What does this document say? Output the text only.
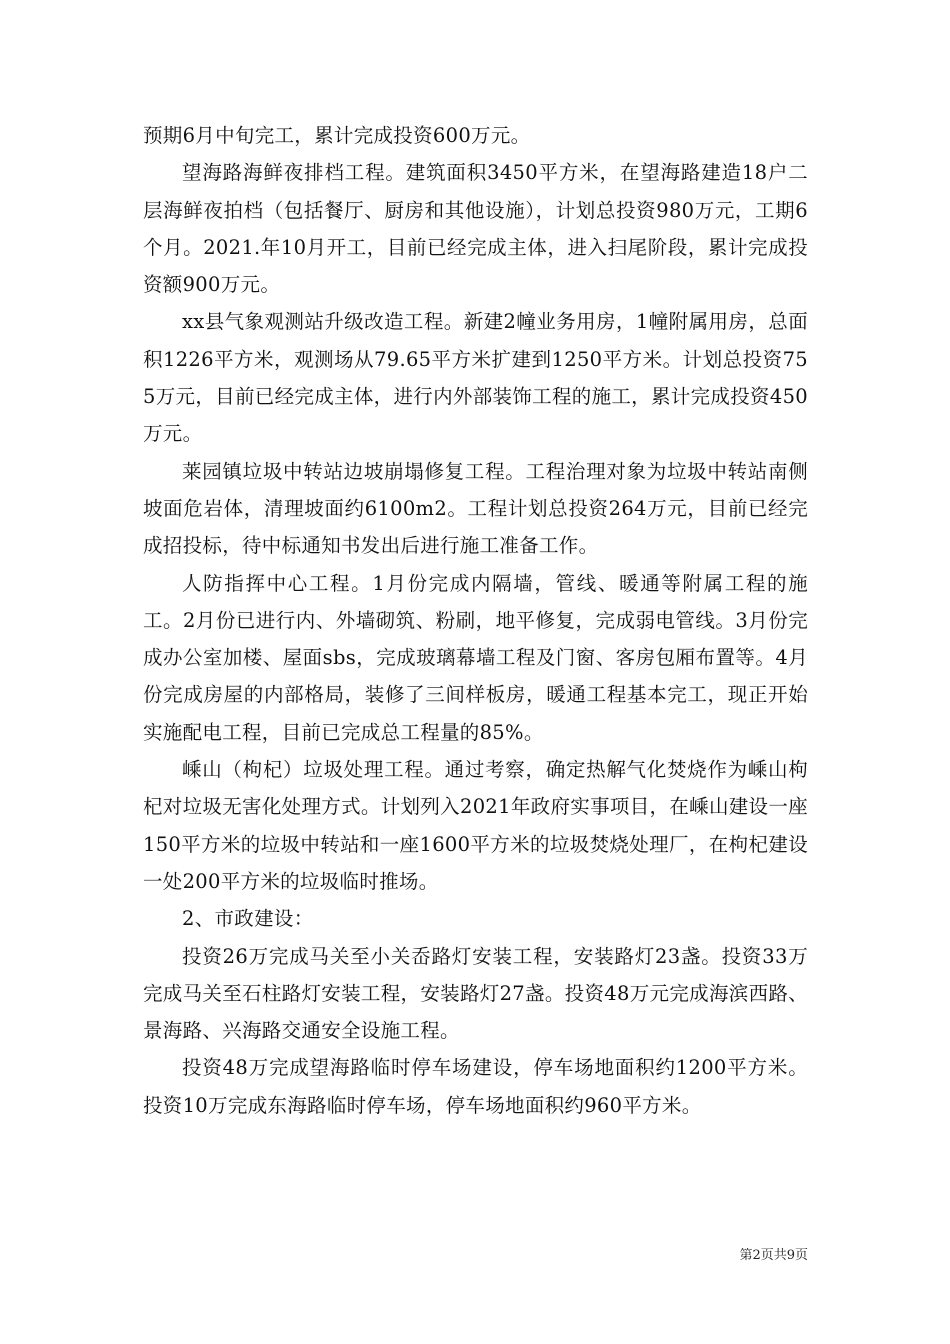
预期6月中旬完工，累计完成投资600万元。

望海路海鲜夜排档工程。建筑面积3450平方米，在望海路建造18户二层海鲜夜拍档（包括餐厅、厨房和其他设施），计划总投资980万元，工期6个月。2021.年10月开工，目前已经完成主体，进入扫尾阶段，累计完成投资额900万元。

xx县气象观测站升级改造工程。新建2幢业务用房，1幢附属用房，总面积1226平方米，观测场从79.65平方米扩建到1250平方米。计划总投资755万元，目前已经完成主体，进行内外部装饰工程的施工，累计完成投资450万元。

莱园镇垃圾中转站边坡崩塌修复工程。工程治理对象为垃圾中转站南侧坡面危岩体，清理坡面约6100m2。工程计划总投资264万元，目前已经完成招投标，待中标通知书发出后进行施工准备工作。

人防指挥中心工程。1月份完成内隔墙，管线、暖通等附属工程的施工。2月份已进行内、外墙砌筑、粉刷，地平修复，完成弱电管线。3月份完成办公室加楼、屋面sbs，完成玻璃幕墙工程及门窗、客房包厢布置等。4月份完成房屋的内部格局，装修了三间样板房，暖通工程基本完工，现正开始实施配电工程，目前已完成总工程量的85%。

嵊山（枸杞）垃圾处理工程。通过考察，确定热解气化焚烧作为嵊山枸杞对垃圾无害化处理方式。计划列入2021年政府实事项目，在嵊山建设一座150平方米的垃圾中转站和一座1600平方米的垃圾焚烧处理厂，在枸杞建设一处200平方米的垃圾临时推场。

2、市政建设：

投资26万完成马关至小关岙路灯安装工程，安装路灯23盏。投资33万完成马关至石柱路灯安装工程，安装路灯27盏。投资48万元完成海滨西路、景海路、兴海路交通安全设施工程。

投资48万完成望海路临时停车场建设，停车场地面积约1200平方米。投资10万完成东海路临时停车场，停车场地面积约960平方米。

第2页共9页
